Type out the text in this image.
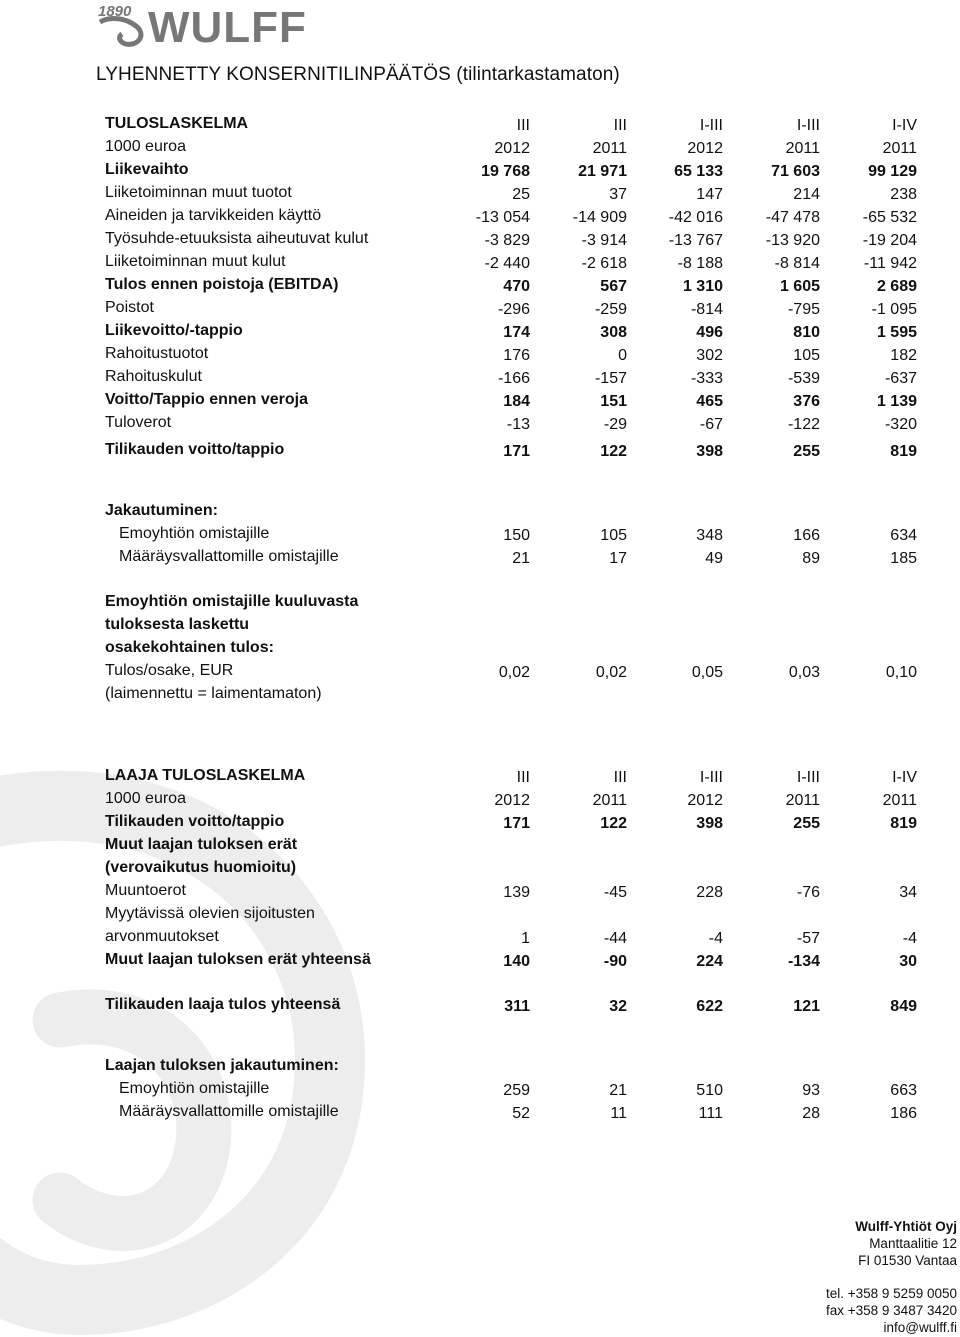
1890 WULFF
LYHENNETTY KONSERNITILINPÄÄTÖS (tilintarkastamaton)
TULOSLASKELMA	III	III	I-III	I-III	I-IV
1000 euroa	2012	2011	2012	2011	2011
Liikevaihto	19 768	21 971	65 133	71 603	99 129
Liiketoiminnan muut tuotot	25	37	147	214	238
Aineiden ja tarvikkeiden käyttö	-13 054	-14 909	-42 016	-47 478	-65 532
Työsuhde-etuuksista aiheutuvat kulut	-3 829	-3 914	-13 767	-13 920	-19 204
Liiketoiminnan muut kulut	-2 440	-2 618	-8 188	-8 814	-11 942
Tulos ennen poistoja (EBITDA)	470	567	1 310	1 605	2 689
Poistot	-296	-259	-814	-795	-1 095
Liikevoitto/-tappio	174	308	496	810	1 595
Rahoitustuotot	176	0	302	105	182
Rahoituskulut	-166	-157	-333	-539	-637
Voitto/Tappio ennen veroja	184	151	465	376	1 139
Tuloverot	-13	-29	-67	-122	-320
Tilikauden voitto/tappio	171	122	398	255	819
Jakautuminen:
Emoyhtiön omistajille	150	105	348	166	634
Määräysvallattomille omistajille	21	17	49	89	185
Emoyhtiön omistajille kuuluvasta
tuloksesta laskettu
osakekohtainen tulos:
Tulos/osake, EUR	0,02	0,02	0,05	0,03	0,10
(laimennettu = laimentamaton)
LAAJA TULOSLASKELMA	III	III	I-III	I-III	I-IV
1000 euroa	2012	2011	2012	2011	2011
Tilikauden voitto/tappio	171	122	398	255	819
Muut laajan tuloksen erät
(verovaikutus huomioitu)
Muuntoerot	139	-45	228	-76	34
Myytävissä olevien sijoitusten
arvonmuutokset	1	-44	-4	-57	-4
Muut laajan tuloksen erät yhteensä	140	-90	224	-134	30
Tilikauden laaja tulos yhteensä	311	32	622	121	849
Laajan tuloksen jakautuminen:
Emoyhtiön omistajille	259	21	510	93	663
Määräysvallattomille omistajille	52	11	111	28	186
Wulff-Yhtiöt Oyj
Manttaalitie 12
FI 01530 Vantaa
tel. +358 9 5259 0050
fax +358 9 3487 3420
info@wulff.fi
